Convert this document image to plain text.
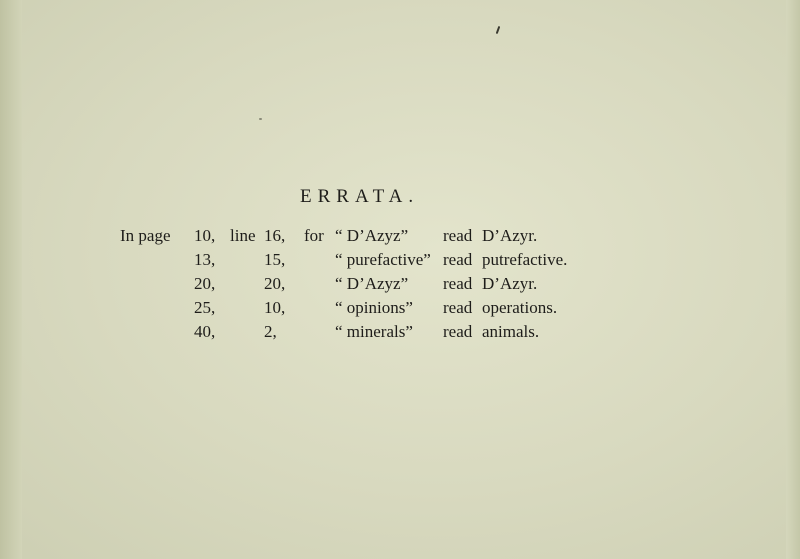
ERRATA.
In page 10, line 16, for “ D’Azyz” read D’Azyr.
13,	15,	“ purefactive” read putrefactive.
20,	20,	“ D’Azyz” read D’Azyr.
25,	10,	“ opinions” read operations.
40,	2,	“ minerals” read animals.
